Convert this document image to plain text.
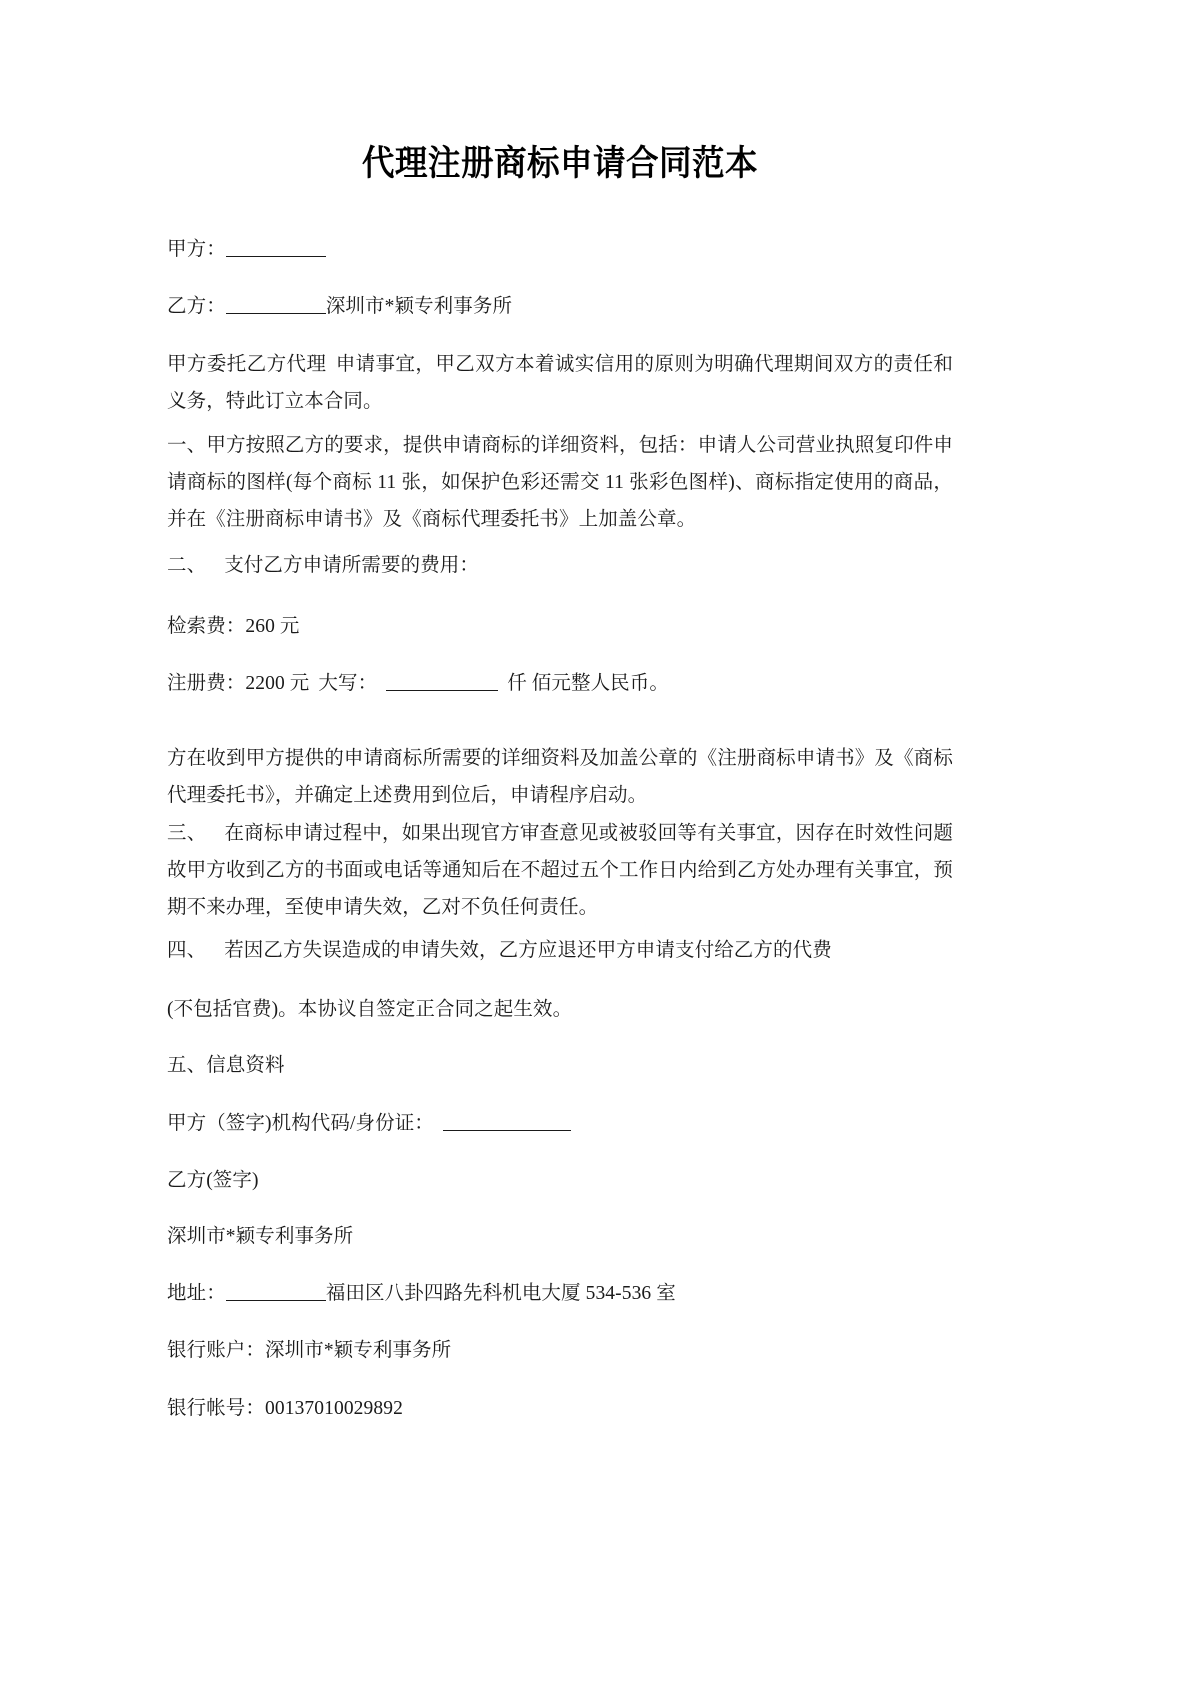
代理注册商标申请合同范本
甲方：
乙方：	深圳市*颖专利事务所
甲方委托乙方代理 申请事宜，甲乙双方本着诚实信用的原则为明确代理期间双方的责任和义务，特此订立本合同。
一、甲方按照乙方的要求，提供申请商标的详细资料，包括：申请人公司营业执照复印件申请商标的图样(每个商标 11 张，如保护色彩还需交 11 张彩色图样)、商标指定使用的商品，并在《注册商标申请书》及《商标代理委托书》上加盖公章。
二、 支付乙方申请所需要的费用：
检索费：260 元
注册费：2200 元 大写：	仟 佰元整人民币。
方在收到甲方提供的申请商标所需要的详细资料及加盖公章的《注册商标申请书》及《商标代理委托书》，并确定上述费用到位后，申请程序启动。
三、 在商标申请过程中，如果出现官方审查意见或被驳回等有关事宜，因存在时效性问题故甲方收到乙方的书面或电话等通知后在不超过五个工作日内给到乙方处办理有关事宜，预期不来办理，至使申请失效，乙对不负任何责任。
四、 若因乙方失误造成的申请失效，乙方应退还甲方申请支付给乙方的代费
(不包括官费)。本协议自签定正合同之起生效。
五、信息资料
甲方（签字)机构代码/身份证：
乙方(签字)
深圳市*颖专利事务所
地址：	福田区八卦四路先科机电大厦 534-536 室
银行账户：深圳市*颖专利事务所
银行帐号：00137010029892
